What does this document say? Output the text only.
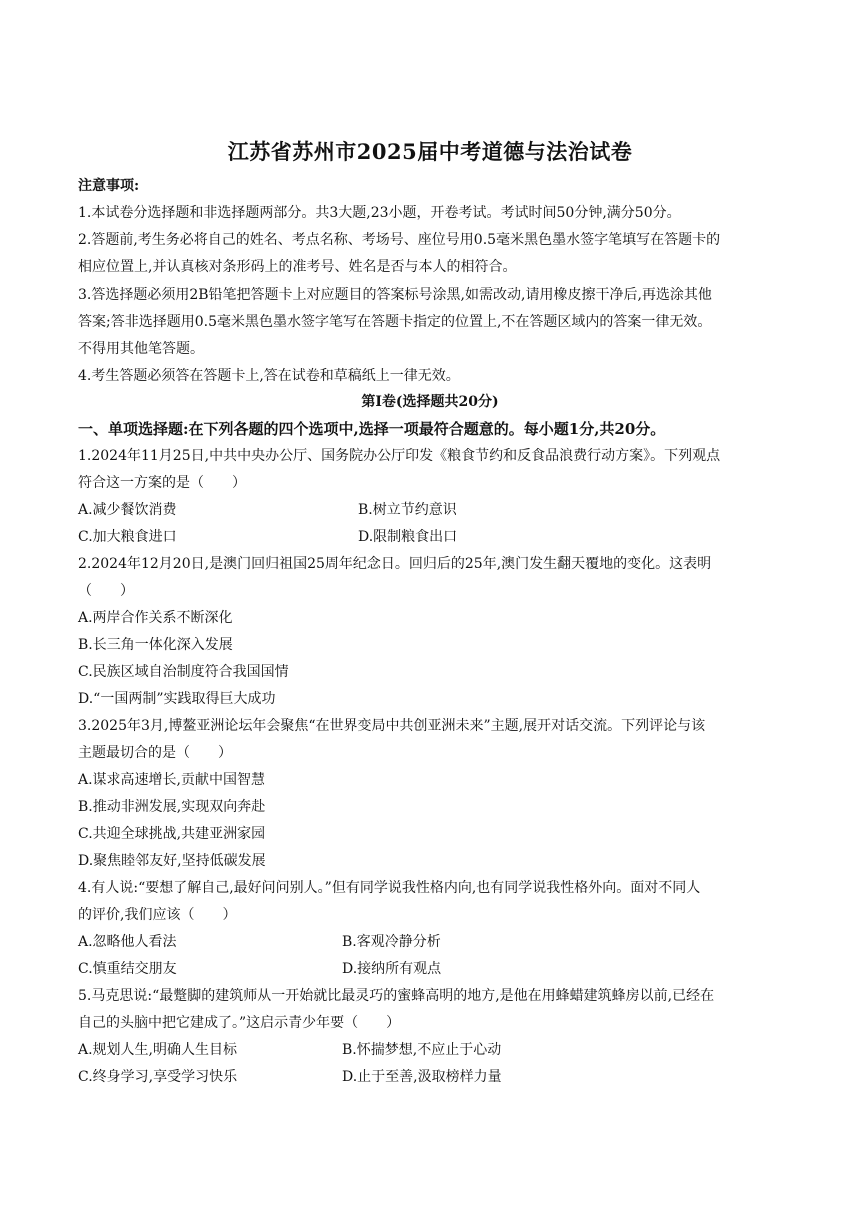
江苏省苏州市2025届中考道德与法治试卷
注意事项:
1.本试卷分选择题和非选择题两部分。共3大题,23小题，开卷考试。考试时间50分钟,满分50分。
2.答题前,考生务必将自己的姓名、考点名称、考场号、座位号用0.5毫米黑色墨水签字笔填写在答题卡的
相应位置上,并认真核对条形码上的准考号、姓名是否与本人的相符合。
3.答选择题必须用2B铅笔把答题卡上对应题目的答案标号涂黑,如需改动,请用橡皮擦干净后,再选涂其他
答案;答非选择题用0.5毫米黑色墨水签字笔写在答题卡指定的位置上,不在答题区域内的答案一律无效。
不得用其他笔答题。
4.考生答题必须答在答题卡上,答在试卷和草稿纸上一律无效。
第Ⅰ卷(选择题共20分)
一、单项选择题:在下列各题的四个选项中,选择一项最符合题意的。每小题1分,共20分。
1.2024年11月25日,中共中央办公厅、国务院办公厅印发《粮食节约和反食品浪费行动方案》。下列观点
符合这一方案的是（　　）
A.减少餐饮消费	B.树立节约意识
C.加大粮食进口	D.限制粮食出口
2.2024年12月20日,是澳门回归祖国25周年纪念日。回归后的25年,澳门发生翻天覆地的变化。这表明
（　　）
A.两岸合作关系不断深化
B.长三角一体化深入发展
C.民族区域自治制度符合我国国情
D.“一国两制”实践取得巨大成功
3.2025年3月,博鳌亚洲论坛年会聚焦“在世界变局中共创亚洲未来”主题,展开对话交流。下列评论与该
主题最切合的是（　　）
A.谋求高速增长,贡献中国智慧
B.推动非洲发展,实现双向奔赴
C.共迎全球挑战,共建亚洲家园
D.聚焦睦邻友好,坚持低碳发展
4.有人说:“要想了解自己,最好问问别人。”但有同学说我性格内向,也有同学说我性格外向。面对不同人
的评价,我们应该（　　）
A.忽略他人看法	B.客观冷静分析
C.慎重结交朋友	D.接纳所有观点
5.马克思说:“最蹩脚的建筑师从一开始就比最灵巧的蜜蜂高明的地方,是他在用蜂蜡建筑蜂房以前,已经在
自己的头脑中把它建成了。”这启示青少年要（　　）
A.规划人生,明确人生目标	B.怀揣梦想,不应止于心动
C.终身学习,享受学习快乐	D.止于至善,汲取榜样力量
